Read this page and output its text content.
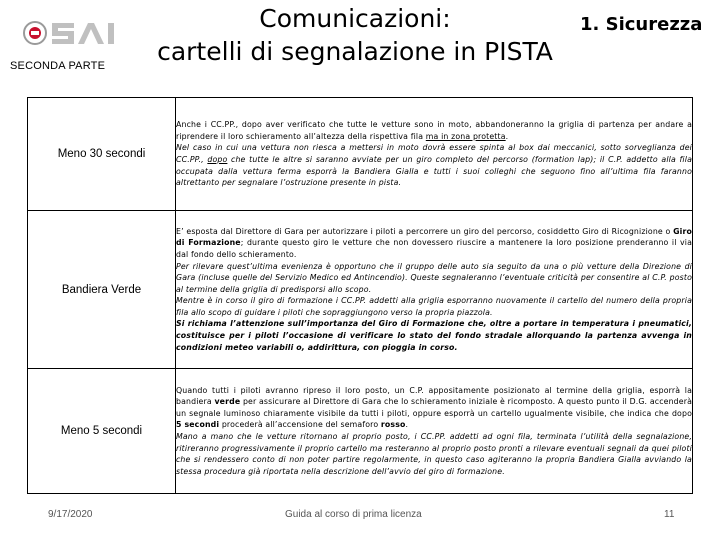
SECONDA PARTE
Comunicazioni:
cartelli di segnalazione in PISTA
1. Sicurezza
Meno 30 secondi	Anche i CC.PP., dopo aver verificato che tutte le vetture sono in moto, abbandoneranno la griglia di partenza per andare a riprendere il loro schieramento all’altezza della rispettiva fila ma in zona protetta.

Nel caso in cui una vettura non riesca a mettersi in moto dovrà essere spinta al box dai meccanici, sotto sorveglianza dei CC.PP., dopo che tutte le altre si saranno avviate per un giro completo del percorso (formation lap); il C.P. addetto alla fila occupata dalla vettura ferma esporrà la Bandiera Gialla e tutti i suoi colleghi che seguono fino all’ultima fila faranno altrettanto per segnalare l’ostruzione presente in pista.

Bandiera Verde	E’ esposta dal Direttore di Gara per autorizzare i piloti a percorrere un giro del percorso, cosiddetto Giro di Ricognizione o Giro di Formazione; durante questo giro le vetture che non dovessero riuscire a mantenere la loro posizione prenderanno il via dal fondo dello schieramento.

Per rilevare quest’ultima evenienza è opportuno che il gruppo delle auto sia seguito da una o più vetture della Direzione di Gara (incluse quelle del Servizio Medico ed Antincendio). Queste segnaleranno l’eventuale criticità per consentire al C.P. posto al termine della griglia di predisporsi allo scopo.

Mentre è in corso il giro di formazione i CC.PP. addetti alla griglia esporranno nuovamente il cartello del numero della propria fila allo scopo di guidare i piloti che sopraggiungono verso la propria piazzola.

Si richiama l’attenzione sull’importanza del Giro di Formazione che, oltre a portare in temperatura i pneumatici, costituisce per i piloti l’occasione di verificare lo stato del fondo stradale allorquando la partenza avvenga in condizioni meteo variabili o, addirittura, con pioggia in corso.

Meno 5 secondi	Quando tutti i piloti avranno ripreso il loro posto, un C.P. appositamente posizionato al termine della griglia, esporrà la bandiera verde per assicurare al Direttore di Gara che lo schieramento iniziale è ricomposto. A questo punto il D.G. accenderà un segnale luminoso chiaramente visibile da tutti i piloti, oppure esporrà un cartello ugualmente visibile, che indica che dopo 5 secondi procederà all’accensione del semaforo rosso.

Mano a mano che le vetture ritornano al proprio posto, i CC.PP. addetti ad ogni fila, terminata l’utilità della segnalazione, ritireranno progressivamente il proprio cartello ma resteranno al proprio posto pronti a rilevare eventuali segnali da quei piloti che si rendessero conto di non poter partire regolarmente, in questo caso agiteranno la propria Bandiera Gialla avviando la stessa procedura già riportata nella descrizione dell’avvio del giro di formazione.

9/17/2020	Guida al corso di prima licenza	11
